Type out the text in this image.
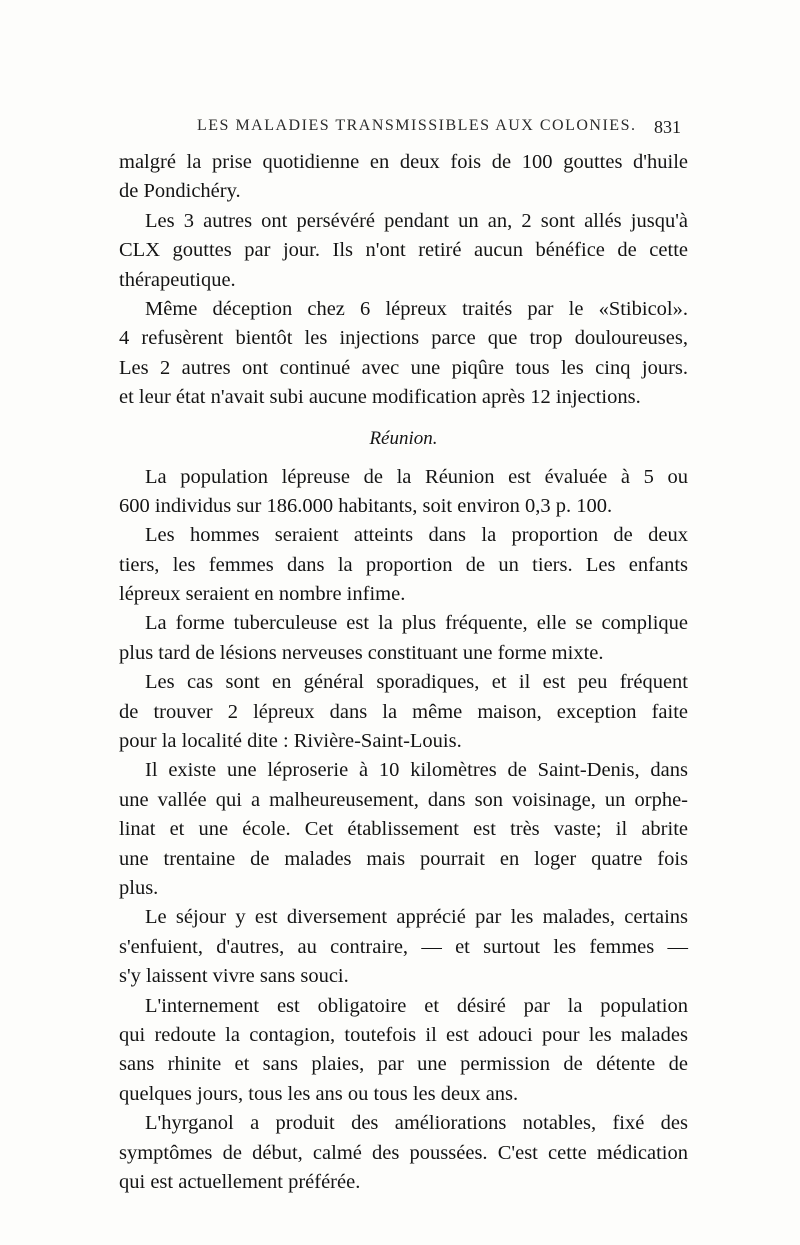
LES MALADIES TRANSMISSIBLES AUX COLONIES. 831
malgré la prise quotidienne en deux fois de 100 gouttes d'huile
de Pondichéry.
Les 3 autres ont persévéré pendant un an, 2 sont allés jusqu'à
CLX gouttes par jour. Ils n'ont retiré aucun bénéfice de cette
thérapeutique.
Même déception chez 6 lépreux traités par le «Stibicol».
4 refusèrent bientôt les injections parce que trop douloureuses,
Les 2 autres ont continué avec une piqûre tous les cinq jours.
et leur état n'avait subi aucune modification après 12 injections.
Réunion.
La population lépreuse de la Réunion est évaluée à 5 ou
600 individus sur 186.000 habitants, soit environ 0,3 p. 100.
Les hommes seraient atteints dans la proportion de deux
tiers, les femmes dans la proportion de un tiers. Les enfants
lépreux seraient en nombre infime.
La forme tuberculeuse est la plus fréquente, elle se complique
plus tard de lésions nerveuses constituant une forme mixte.
Les cas sont en général sporadiques, et il est peu fréquent
de trouver 2 lépreux dans la même maison, exception faite
pour la localité dite : Rivière-Saint-Louis.
Il existe une léproserie à 10 kilomètres de Saint-Denis, dans
une vallée qui a malheureusement, dans son voisinage, un orphe-
linat et une école. Cet établissement est très vaste; il abrite
une trentaine de malades mais pourrait en loger quatre fois
plus.
Le séjour y est diversement apprécié par les malades, certains
s'enfuient, d'autres, au contraire, — et surtout les femmes —
s'y laissent vivre sans souci.
L'internement est obligatoire et désiré par la population
qui redoute la contagion, toutefois il est adouci pour les malades
sans rhinite et sans plaies, par une permission de détente de
quelques jours, tous les ans ou tous les deux ans.
L'hyrganol a produit des améliorations notables, fixé des
symptômes de début, calmé des poussées. C'est cette médication
qui est actuellement préférée.
